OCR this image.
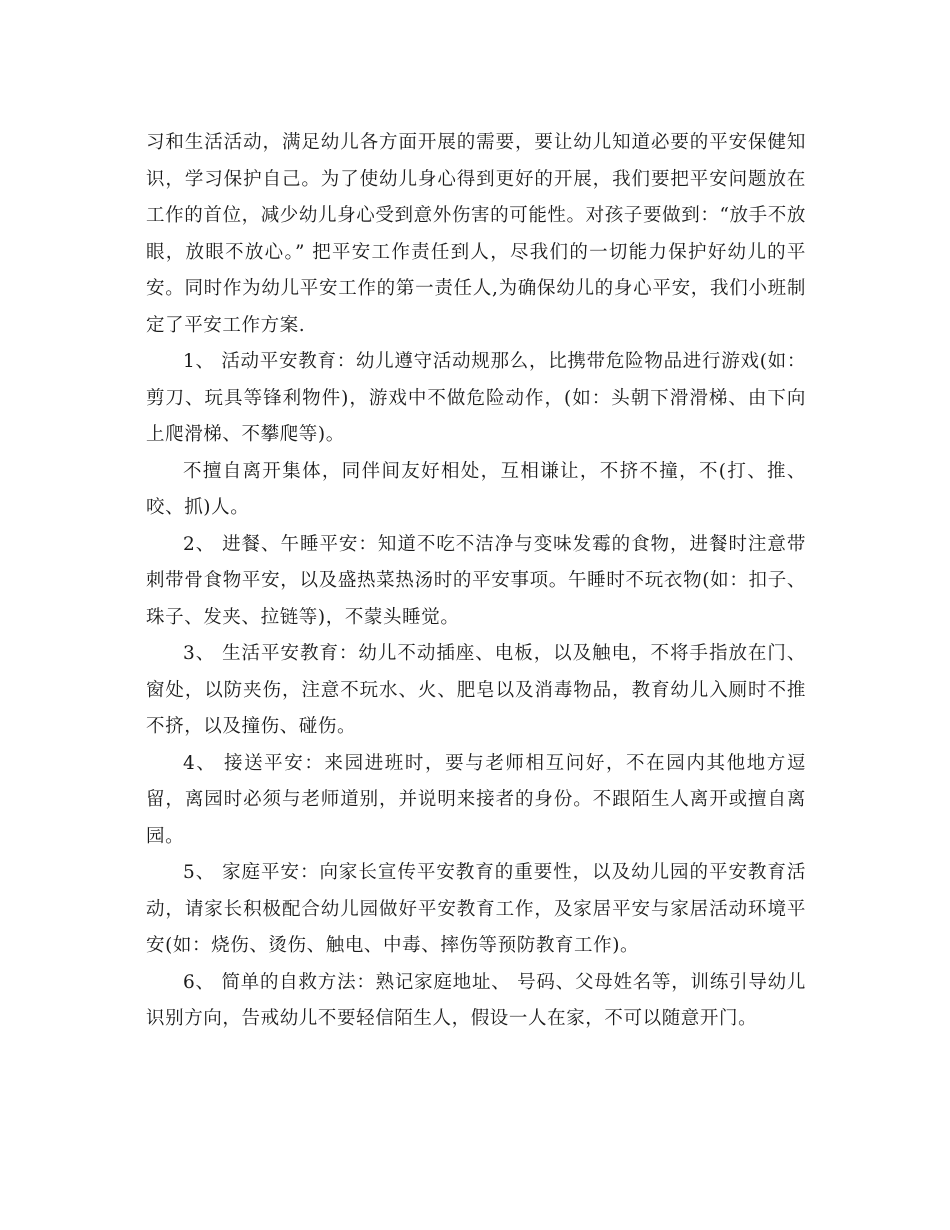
习和生活活动，满足幼儿各方面开展的需要，要让幼儿知道必要的平安保健知识，学习保护自己。为了使幼儿身心得到更好的开展，我们要把平安问题放在工作的首位，减少幼儿身心受到意外伤害的可能性。对孩子要做到：“放手不放眼，放眼不放心。” 把平安工作责任到人，尽我们的一切能力保护好幼儿的平安。同时作为幼儿平安工作的第一责任人,为确保幼儿的身心平安，我们小班制定了平安工作方案.

1、 活动平安教育：幼儿遵守活动规那么，比携带危险物品进行游戏(如：剪刀、玩具等锋利物件)，游戏中不做危险动作，(如：头朝下滑滑梯、由下向上爬滑梯、不攀爬等)。

不擅自离开集体，同伴间友好相处，互相谦让，不挤不撞，不(打、推、咬、抓)人。

2、 进餐、午睡平安：知道不吃不洁净与变味发霉的食物，进餐时注意带刺带骨食物平安，以及盛热菜热汤时的平安事项。午睡时不玩衣物(如：扣子、珠子、发夹、拉链等)，不蒙头睡觉。

3、 生活平安教育：幼儿不动插座、电板，以及触电，不将手指放在门、窗处，以防夹伤，注意不玩水、火、肥皂以及消毒物品，教育幼儿入厕时不推不挤，以及撞伤、碰伤。

4、 接送平安：来园进班时，要与老师相互问好，不在园内其他地方逗留，离园时必须与老师道别，并说明来接者的身份。不跟陌生人离开或擅自离园。

5、 家庭平安：向家长宣传平安教育的重要性，以及幼儿园的平安教育活动，请家长积极配合幼儿园做好平安教育工作，及家居平安与家居活动环境平安(如：烧伤、烫伤、触电、中毒、摔伤等预防教育工作)。

6、 简单的自救方法：熟记家庭地址、 号码、父母姓名等，训练引导幼儿识别方向，告戒幼儿不要轻信陌生人，假设一人在家，不可以随意开门。
